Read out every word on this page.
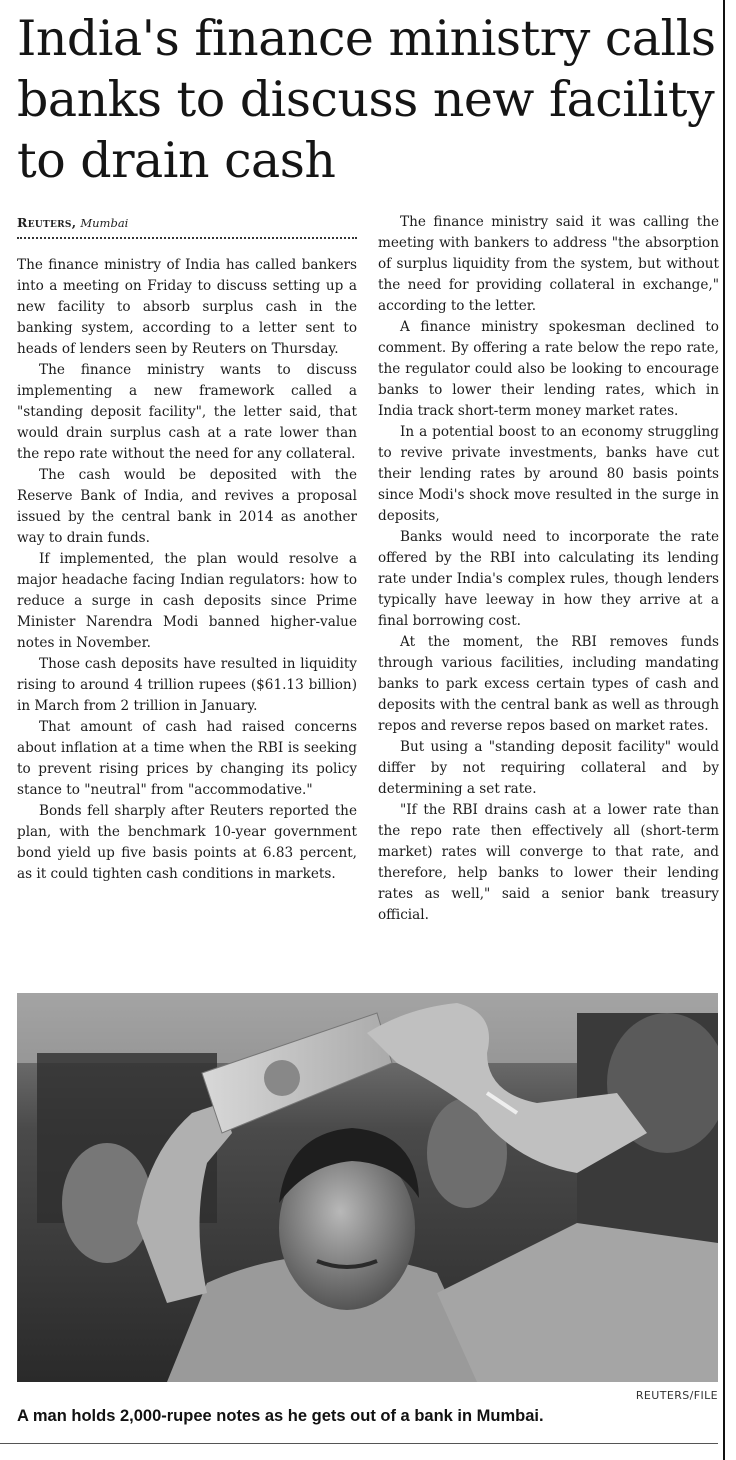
India's finance ministry calls banks to discuss new facility to drain cash
Reuters, Mumbai

The finance ministry of India has called bankers into a meeting on Friday to discuss setting up a new facility to absorb surplus cash in the banking system, according to a letter sent to heads of lenders seen by Reuters on Thursday.

The finance ministry wants to discuss implementing a new framework called a "standing deposit facility", the letter said, that would drain surplus cash at a rate lower than the repo rate without the need for any collateral.

The cash would be deposited with the Reserve Bank of India, and revives a proposal issued by the central bank in 2014 as another way to drain funds.

If implemented, the plan would resolve a major headache facing Indian regulators: how to reduce a surge in cash deposits since Prime Minister Narendra Modi banned higher-value notes in November.

Those cash deposits have resulted in liquidity rising to around 4 trillion rupees ($61.13 billion) in March from 2 trillion in January.

That amount of cash had raised concerns about inflation at a time when the RBI is seeking to prevent rising prices by changing its policy stance to "neutral" from "accommodative."

Bonds fell sharply after Reuters reported the plan, with the benchmark 10-year government bond yield up five basis points at 6.83 percent, as it could tighten cash conditions in markets.

The finance ministry said it was calling the meeting with bankers to address "the absorption of surplus liquidity from the system, but without the need for providing collateral in exchange," according to the letter.

A finance ministry spokesman declined to comment. By offering a rate below the repo rate, the regulator could also be looking to encourage banks to lower their lending rates, which in India track short-term money market rates.

In a potential boost to an economy struggling to revive private investments, banks have cut their lending rates by around 80 basis points since Modi's shock move resulted in the surge in deposits,

Banks would need to incorporate the rate offered by the RBI into calculating its lending rate under India's complex rules, though lenders typically have leeway in how they arrive at a final borrowing cost.

At the moment, the RBI removes funds through various facilities, including mandating banks to park excess certain types of cash and deposits with the central bank as well as through repos and reverse repos based on market rates.

But using a "standing deposit facility" would differ by not requiring collateral and by determining a set rate.

"If the RBI drains cash at a lower rate than the repo rate then effectively all (short-term market) rates will converge to that rate, and therefore, help banks to lower their lending rates as well," said a senior bank treasury official.

REUTERS/FILE
A man holds 2,000-rupee notes as he gets out of a bank in Mumbai.
